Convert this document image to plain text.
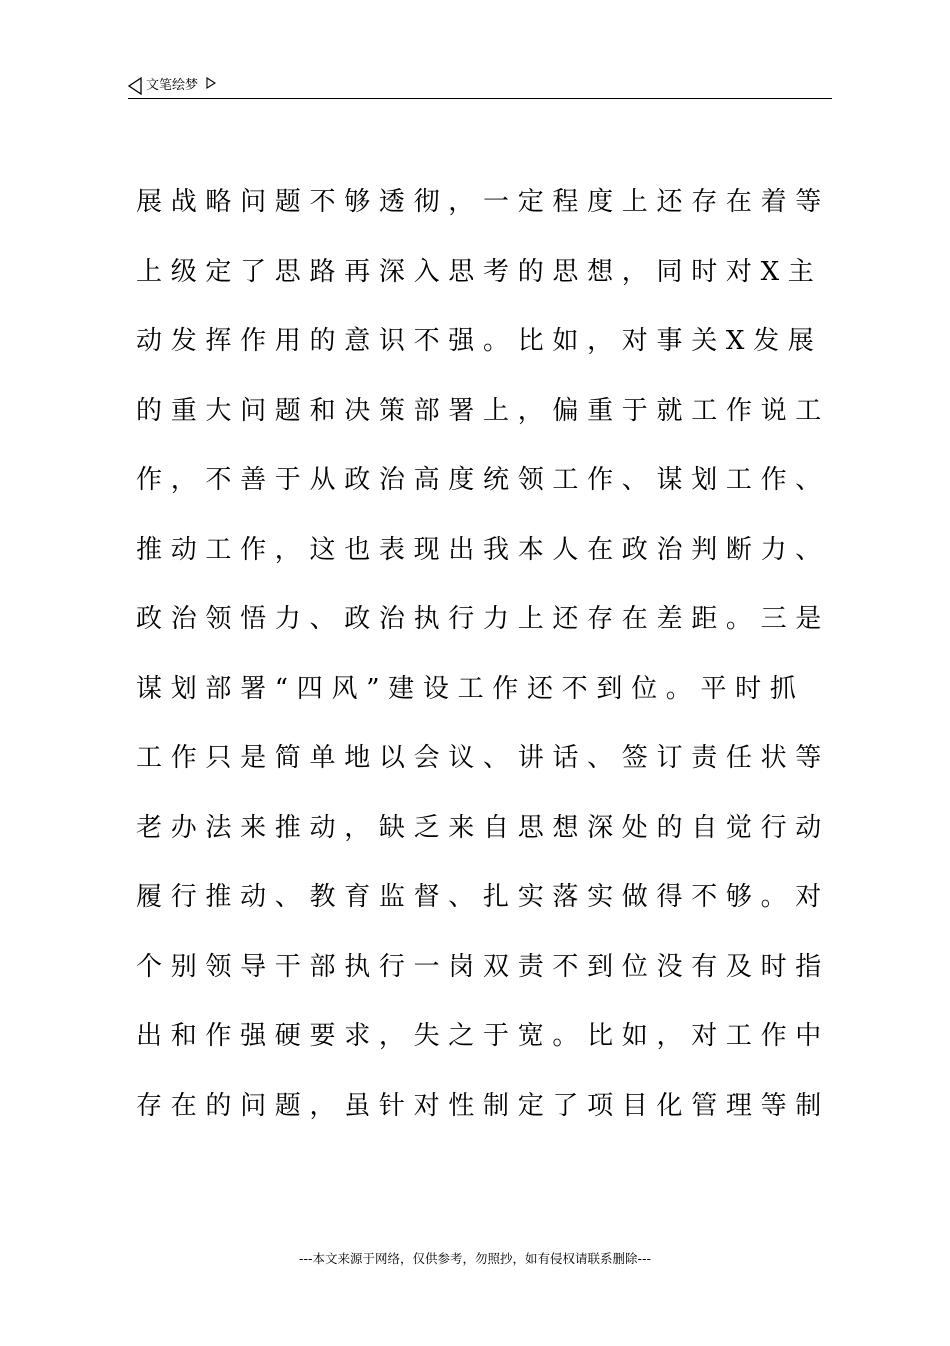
文笔绘梦
展战略问题不够透彻，一定程度上还存在着等
上级定了思路再深入思考的思想，同时对X主
动发挥作用的意识不强。比如，对事关X发展
的重大问题和决策部署上，偏重于就工作说工
作，不善于从政治高度统领工作、谋划工作、
推动工作，这也表现出我本人在政治判断力、
政治领悟力、政治执行力上还存在差距。三是
谋划部署“四风”建设工作还不到位。平时抓
工作只是简单地以会议、讲话、签订责任状等
老办法来推动，缺乏来自思想深处的自觉行动
履行推动、教育监督、扎实落实做得不够。对
个别领导干部执行一岗双责不到位没有及时指
出和作强硬要求，失之于宽。比如，对工作中
存在的问题，虽针对性制定了项目化管理等制
---本文来源于网络，仅供参考，勿照抄，如有侵权请联系删除---
